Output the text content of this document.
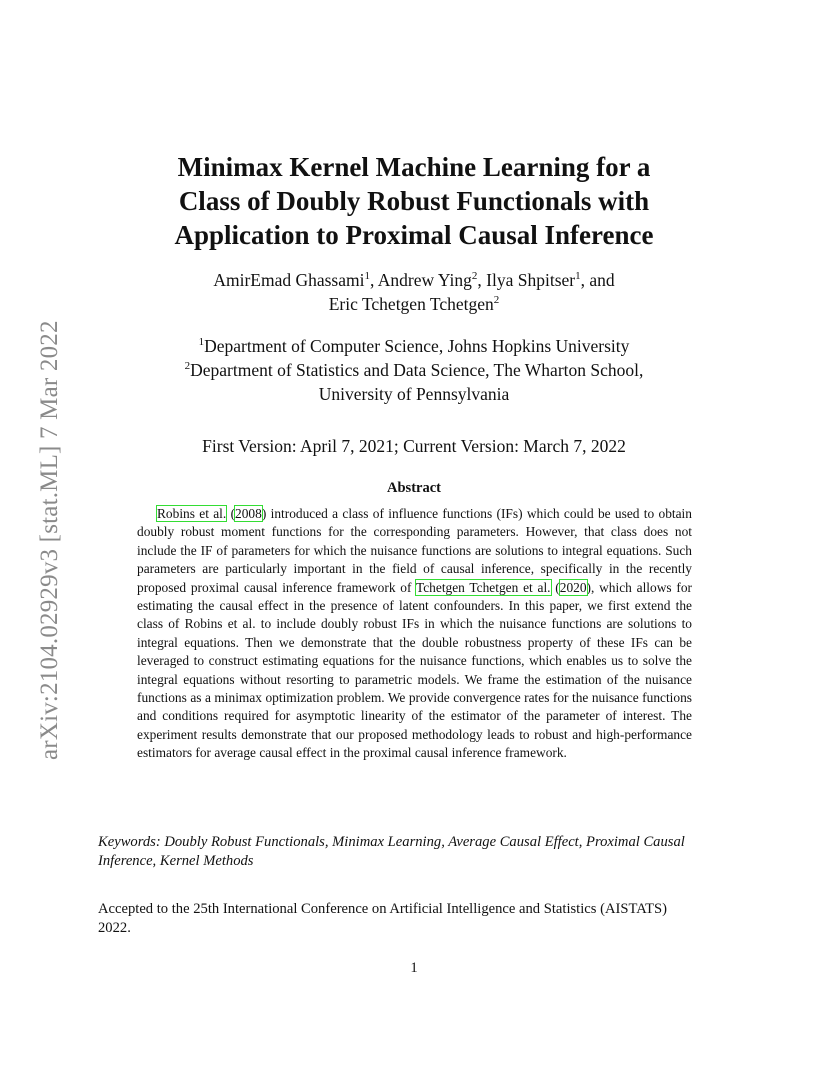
arXiv:2104.02929v3 [stat.ML] 7 Mar 2022
Minimax Kernel Machine Learning for a
Class of Doubly Robust Functionals with
Application to Proximal Causal Inference
AmirEmad Ghassami$^1$, Andrew Ying$^2$, Ilya Shpitser$^1$, and
Eric Tchetgen Tchetgen$^2$
$^1$Department of Computer Science, Johns Hopkins University
$^2$Department of Statistics and Data Science, The Wharton School,
University of Pennsylvania
First Version: April 7, 2021; Current Version: March 7, 2022
Abstract

Robins et al. (2008) introduced a class of influence functions (IFs) which could be used to obtain doubly robust moment functions for the corresponding parameters. However, that class does not include the IF of parameters for which the nuisance functions are solutions to integral equations. Such parameters are particularly important in the field of causal inference, specifically in the recently proposed proximal causal inference framework of Tchetgen Tchetgen et al. (2020), which allows for estimating the causal effect in the presence of latent confounders. In this paper, we first extend the class of Robins et al. to include doubly robust IFs in which the nuisance functions are solutions to integral equations. Then we demonstrate that the double robustness property of these IFs can be leveraged to construct estimating equations for the nuisance functions, which enables us to solve the integral equations without resorting to parametric models. We frame the estimation of the nuisance functions as a minimax optimization problem. We provide convergence rates for the nuisance functions and conditions required for asymptotic linearity of the estimator of the parameter of interest. The experiment results demonstrate that our proposed methodology leads to robust and high-performance estimators for average causal effect in the proximal causal inference framework.

Keywords: Doubly Robust Functionals, Minimax Learning, Average Causal Effect, Proximal Causal Inference, Kernel Methods
Accepted to the 25th International Conference on Artificial Intelligence and Statistics (AISTATS) 2022.
1
